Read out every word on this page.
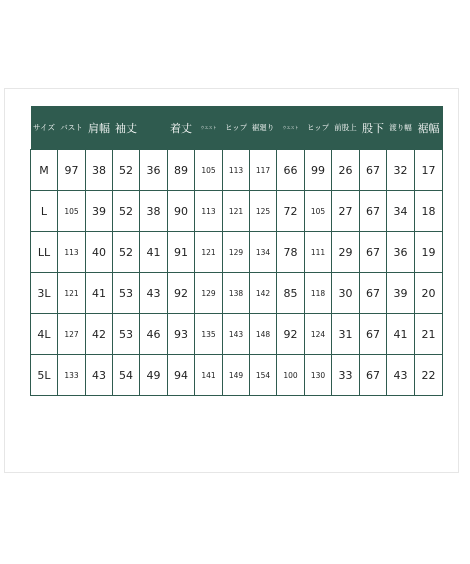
サイズ	バスト	肩幅	袖丈		着丈	ウエスト	ヒップ	裾廻り	ウエスト	ヒップ	前股上	股下	渡り幅	裾幅
M	97	38	52	36	89	105	113	117	66	99	26	67	32	17
L	105	39	52	38	90	113	121	125	72	105	27	67	34	18
LL	113	40	52	41	91	121	129	134	78	111	29	67	36	19
3L	121	41	53	43	92	129	138	142	85	118	30	67	39	20
4L	127	42	53	46	93	135	143	148	92	124	31	67	41	21
5L	133	43	54	49	94	141	149	154	100	130	33	67	43	22
